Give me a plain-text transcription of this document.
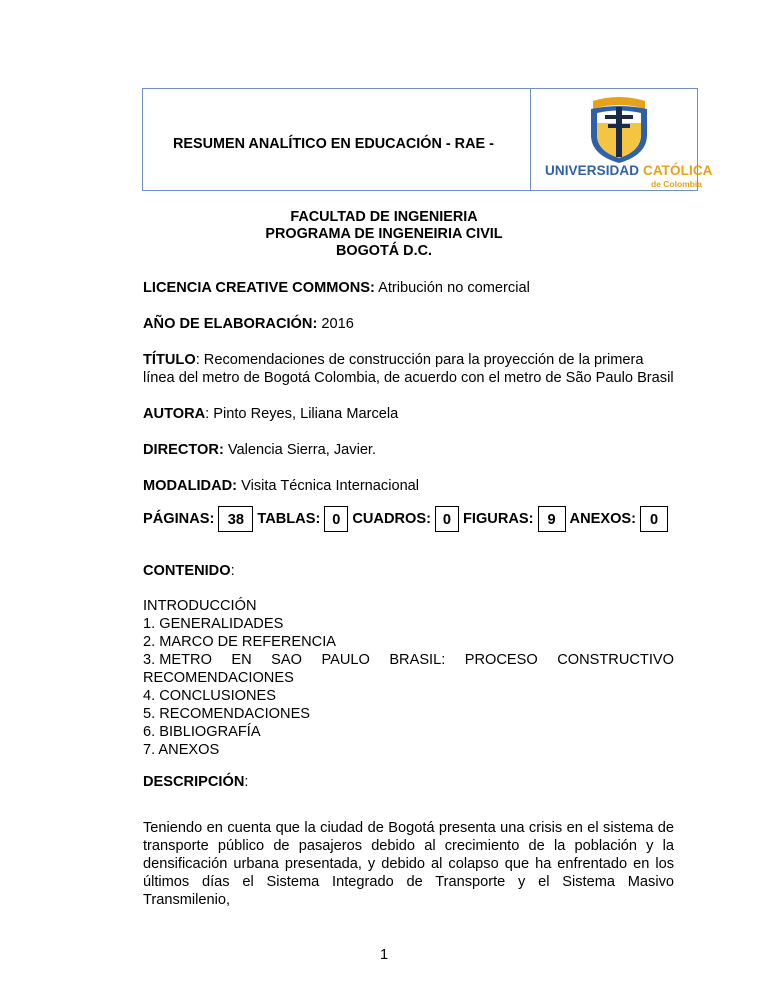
RESUMEN ANALÍTICO EN EDUCACIÓN - RAE -
UNIVERSIDAD CATÓLICA
de Colombia
FACULTAD DE INGENIERIA
PROGRAMA DE INGENEIRIA CIVIL
BOGOTÁ D.C.
LICENCIA CREATIVE COMMONS: Atribución no comercial
AÑO DE ELABORACIÓN: 2016
TÍTULO: Recomendaciones de construcción para la proyección de la primera línea del metro de Bogotá Colombia, de acuerdo con el metro de São Paulo Brasil
AUTORA: Pinto Reyes, Liliana Marcela
DIRECTOR: Valencia Sierra, Javier.
MODALIDAD: Visita Técnica Internacional
PÁGINAS: 38 TABLAS: 0 CUADROS: 0 FIGURAS: 9 ANEXOS: 0
CONTENIDO:
INTRODUCCIÓN
1. GENERALIDADES
2. MARCO DE REFERENCIA
3. METRO EN SAO PAULO BRASIL: PROCESO CONSTRUCTIVO
RECOMENDACIONES
4. CONCLUSIONES
5. RECOMENDACIONES
6. BIBLIOGRAFÍA
7. ANEXOS
DESCRIPCIÓN:
Teniendo en cuenta que la ciudad de Bogotá presenta una crisis en el sistema de
transporte público de pasajeros debido al crecimiento de la población y la
densificación urbana presentada, y debido al colapso que ha enfrentado en los
últimos días el Sistema Integrado de Transporte y el Sistema Masivo Transmilenio,
1
